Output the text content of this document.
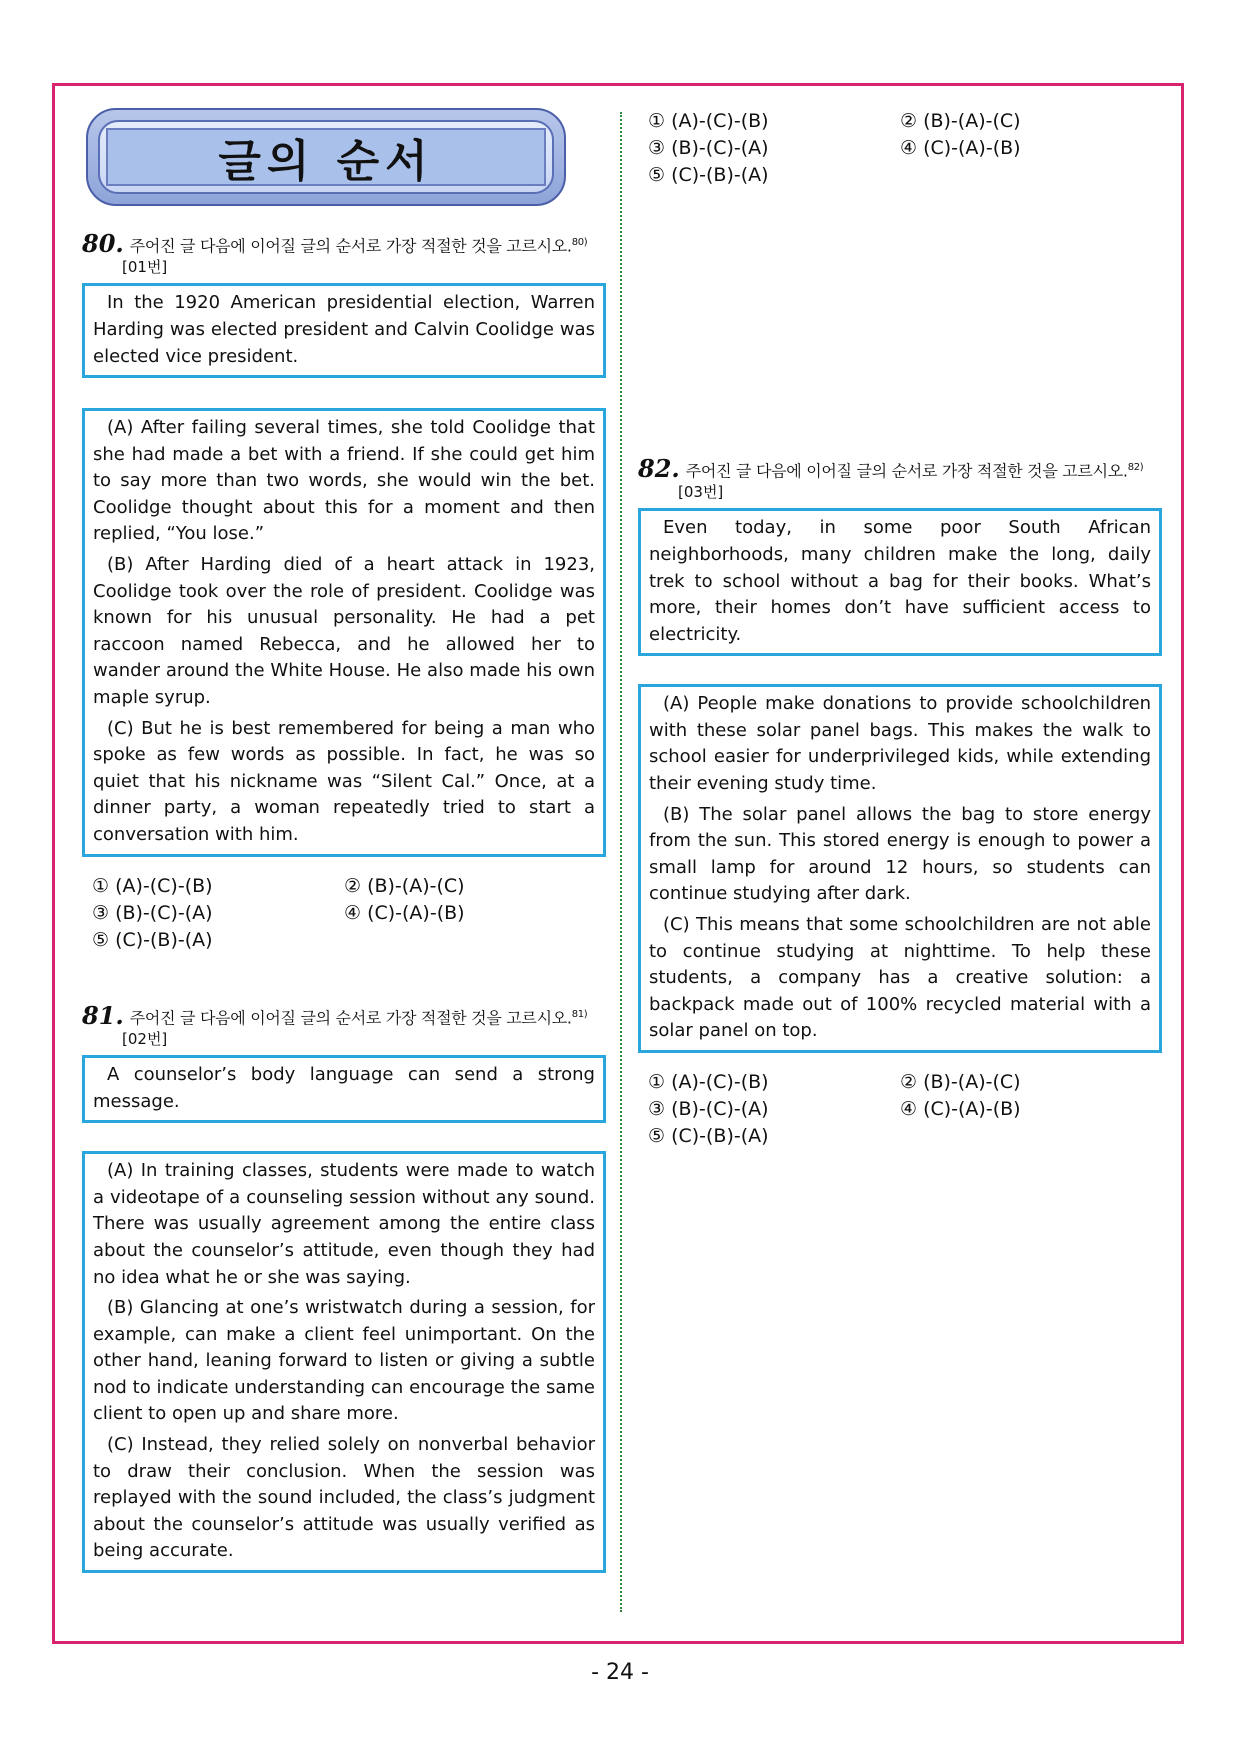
글의 순서
80. 주어진 글 다음에 이어질 글의 순서로 가장 적절한 것을 고르시오.$^{80)}$
[01번]

In the 1920 American presidential election, Warren Harding was elected president and Calvin Coolidge was elected vice president.

(A) After failing several times, she told Coolidge that she had made a bet with a friend. If she could get him to say more than two words, she would win the bet. Coolidge thought about this for a moment and then replied, “You lose.”

(B) After Harding died of a heart attack in 1923, Coolidge took over the role of president. Coolidge was known for his unusual personality. He had a pet raccoon named Rebecca, and he allowed her to wander around the White House. He also made his own maple syrup.

(C) But he is best remembered for being a man who spoke as few words as possible. In fact, he was so quiet that his nickname was “Silent Cal.” Once, at a dinner party, a woman repeatedly tried to start a conversation with him.

① (A)-(C)-(B)	② (B)-(A)-(C)
③ (B)-(C)-(A)	④ (C)-(A)-(B)
⑤ (C)-(B)-(A)
81. 주어진 글 다음에 이어질 글의 순서로 가장 적절한 것을 고르시오.$^{81)}$
[02번]

A counselor’s body language can send a strong message.

(A) In training classes, students were made to watch a videotape of a counseling session without any sound. There was usually agreement among the entire class about the counselor’s attitude, even though they had no idea what he or she was saying.

(B) Glancing at one’s wristwatch during a session, for example, can make a client feel unimportant. On the other hand, leaning forward to listen or giving a subtle nod to indicate understanding can encourage the same client to open up and share more.

(C) Instead, they relied solely on nonverbal behavior to draw their conclusion. When the session was replayed with the sound included, the class’s judgment about the counselor’s attitude was usually verified as being accurate.

① (A)-(C)-(B)	② (B)-(A)-(C)
③ (B)-(C)-(A)	④ (C)-(A)-(B)
⑤ (C)-(B)-(A)
82. 주어진 글 다음에 이어질 글의 순서로 가장 적절한 것을 고르시오.$^{82)}$
[03번]

Even today, in some poor South African neighborhoods, many children make the long, daily trek to school without a bag for their books. What’s more, their homes don’t have sufficient access to electricity.

(A) People make donations to provide schoolchildren with these solar panel bags. This makes the walk to school easier for underprivileged kids, while extending their evening study time.

(B) The solar panel allows the bag to store energy from the sun. This stored energy is enough to power a small lamp for around 12 hours, so students can continue studying after dark.

(C) This means that some schoolchildren are not able to continue studying at nighttime. To help these students, a company has a creative solution: a backpack made out of 100% recycled material with a solar panel on top.

① (A)-(C)-(B)	② (B)-(A)-(C)
③ (B)-(C)-(A)	④ (C)-(A)-(B)
⑤ (C)-(B)-(A)
- 24 -
